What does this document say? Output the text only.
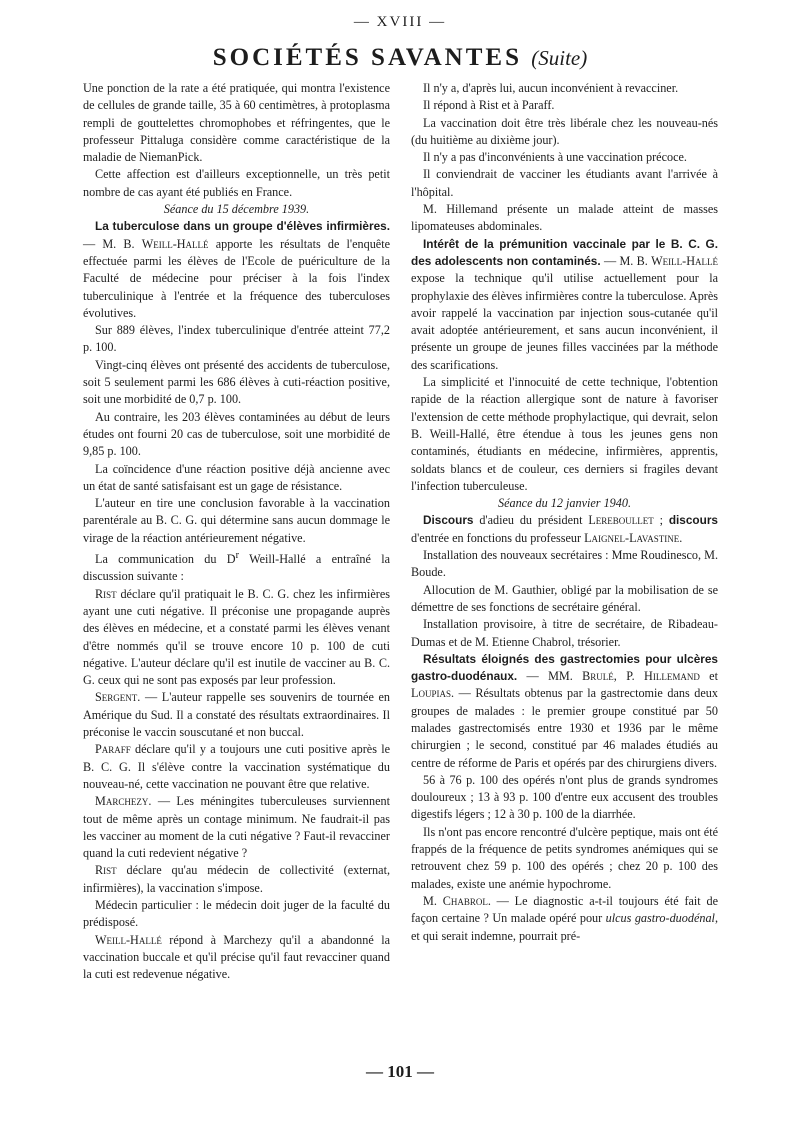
— XVIII —
SOCIÉTÉS SAVANTES (Suite)

Une ponction de la rate a été pratiquée, qui montra l'existence de cellules de grande taille, 35 à 60 centimètres, à protoplasma rempli de gouttelettes chromophobes et réfringentes, que le professeur Pittaluga considère comme caractéristique de la maladie de NiemanPick.

Cette affection est d'ailleurs exceptionnelle, un très petit nombre de cas ayant été publiés en France.

Séance du 15 décembre 1939.

La tuberculose dans un groupe d'élèves infirmières. — M. B. Weill-Hallé apporte les résultats de l'enquête effectuée parmi les élèves de l'Ecole de puériculture de la Faculté de médecine pour préciser à la fois l'index tuberculinique à l'entrée et la fréquence des tuberculoses évolutives.

Sur 889 élèves, l'index tuberculinique d'entrée atteint 77,2 p. 100.

Vingt-cinq élèves ont présenté des accidents de tuberculose, soit 5 seulement parmi les 686 élèves à cuti-réaction positive, soit une morbidité de 0,7 p. 100.

Au contraire, les 203 élèves contaminées au début de leurs études ont fourni 20 cas de tuberculose, soit une morbidité de 9,85 p. 100.

La coïncidence d'une réaction positive déjà ancienne avec un état de santé satisfaisant est un gage de résistance.

L'auteur en tire une conclusion favorable à la vaccination parentérale au B. C. G. qui détermine sans aucun dommage le virage de la réaction antérieurement négative.

La communication du $D^r$ Weill-Hallé a entraîné la discussion suivante :

Rist déclare qu'il pratiquait le B. C. G. chez les infirmières ayant une cuti négative. Il préconise une propagande auprès des élèves en médecine, et a constaté parmi les élèves venant d'être nommés qu'il se trouve encore 10 p. 100 de cuti négative. L'auteur déclare qu'il est inutile de vacciner au B. C. G. ceux qui ne sont pas exposés par leur profession.

Sergent. — L'auteur rappelle ses souvenirs de tournée en Amérique du Sud. Il a constaté des résultats extraordinaires. Il préconise le vaccin souscutané et non buccal.

Paraff déclare qu'il y a toujours une cuti positive après le B. C. G. Il s'élève contre la vaccination systématique du nouveau-né, cette vaccination ne pouvant être que relative.

Marchezy. — Les méningites tuberculeuses surviennent tout de même après un contage minimum. Ne faudrait-il pas les vacciner au moment de la cuti négative ? Faut-il revacciner quand la cuti redevient négative ?

Rist déclare qu'au médecin de collectivité (externat, infirmières), la vaccination s'impose.

Médecin particulier : le médecin doit juger de la faculté du prédisposé.

Weill-Hallé répond à Marchezy qu'il a abandonné la vaccination buccale et qu'il précise qu'il faut revacciner quand la cuti est redevenue négative.

Il n'y a, d'après lui, aucun inconvénient à revacciner.

Il répond à Rist et à Paraff.

La vaccination doit être très libérale chez les nouveau-nés (du huitième au dixième jour).

Il n'y a pas d'inconvénients à une vaccination précoce.

Il conviendrait de vacciner les étudiants avant l'arrivée à l'hôpital.

M. Hillemand présente un malade atteint de masses lipomateuses abdominales.

Intérêt de la prémunition vaccinale par le B. C. G. des adolescents non contaminés. — M. B. Weill-Hallé expose la technique qu'il utilise actuellement pour la prophylaxie des élèves infirmières contre la tuberculose. Après avoir rappelé la vaccination par injection sous-cutanée qu'il avait adoptée antérieurement, et sans aucun inconvénient, il présente un groupe de jeunes filles vaccinées par la méthode des scarifications.

La simplicité et l'innocuité de cette technique, l'obtention rapide de la réaction allergique sont de nature à favoriser l'extension de cette méthode prophylactique, qui devrait, selon B. Weill-Hallé, être étendue à tous les jeunes gens non contaminés, étudiants en médecine, infirmières, apprentis, soldats blancs et de couleur, ces derniers si fragiles devant l'infection tuberculeuse.

Séance du 12 janvier 1940.

Discours d'adieu du président Lereboullet ; discours d'entrée en fonctions du professeur Laignel-Lavastine.

Installation des nouveaux secrétaires : Mme Roudinesco, M. Boude.

Allocution de M. Gauthier, obligé par la mobilisation de se démettre de ses fonctions de secrétaire général.

Installation provisoire, à titre de secrétaire, de Ribadeau-Dumas et de M. Etienne Chabrol, trésorier.

Résultats éloignés des gastrectomies pour ulcères gastro-duodénaux. — MM. Brulé, P. Hillemand et Loupias. — Résultats obtenus par la gastrectomie dans deux groupes de malades : le premier groupe constitué par 50 malades gastrectomisés entre 1930 et 1936 par le même chirurgien ; le second, constitué par 46 malades étudiés au centre de réforme de Paris et opérés par des chirurgiens divers.

56 à 76 p. 100 des opérés n'ont plus de grands syndromes douloureux ; 13 à 93 p. 100 d'entre eux accusent des troubles digestifs légers ; 12 à 30 p. 100 de la diarrhée.

Ils n'ont pas encore rencontré d'ulcère peptique, mais ont été frappés de la fréquence de petits syndromes anémiques qui se retrouvent chez 59 p. 100 des opérés ; chez 20 p. 100 des malades, existe une anémie hypochrome.

M. Chabrol. — Le diagnostic a-t-il toujours été fait de façon certaine ? Un malade opéré pour ulcus gastro-duodénal, et qui serait indemne, pourrait pré-

— 101 —
